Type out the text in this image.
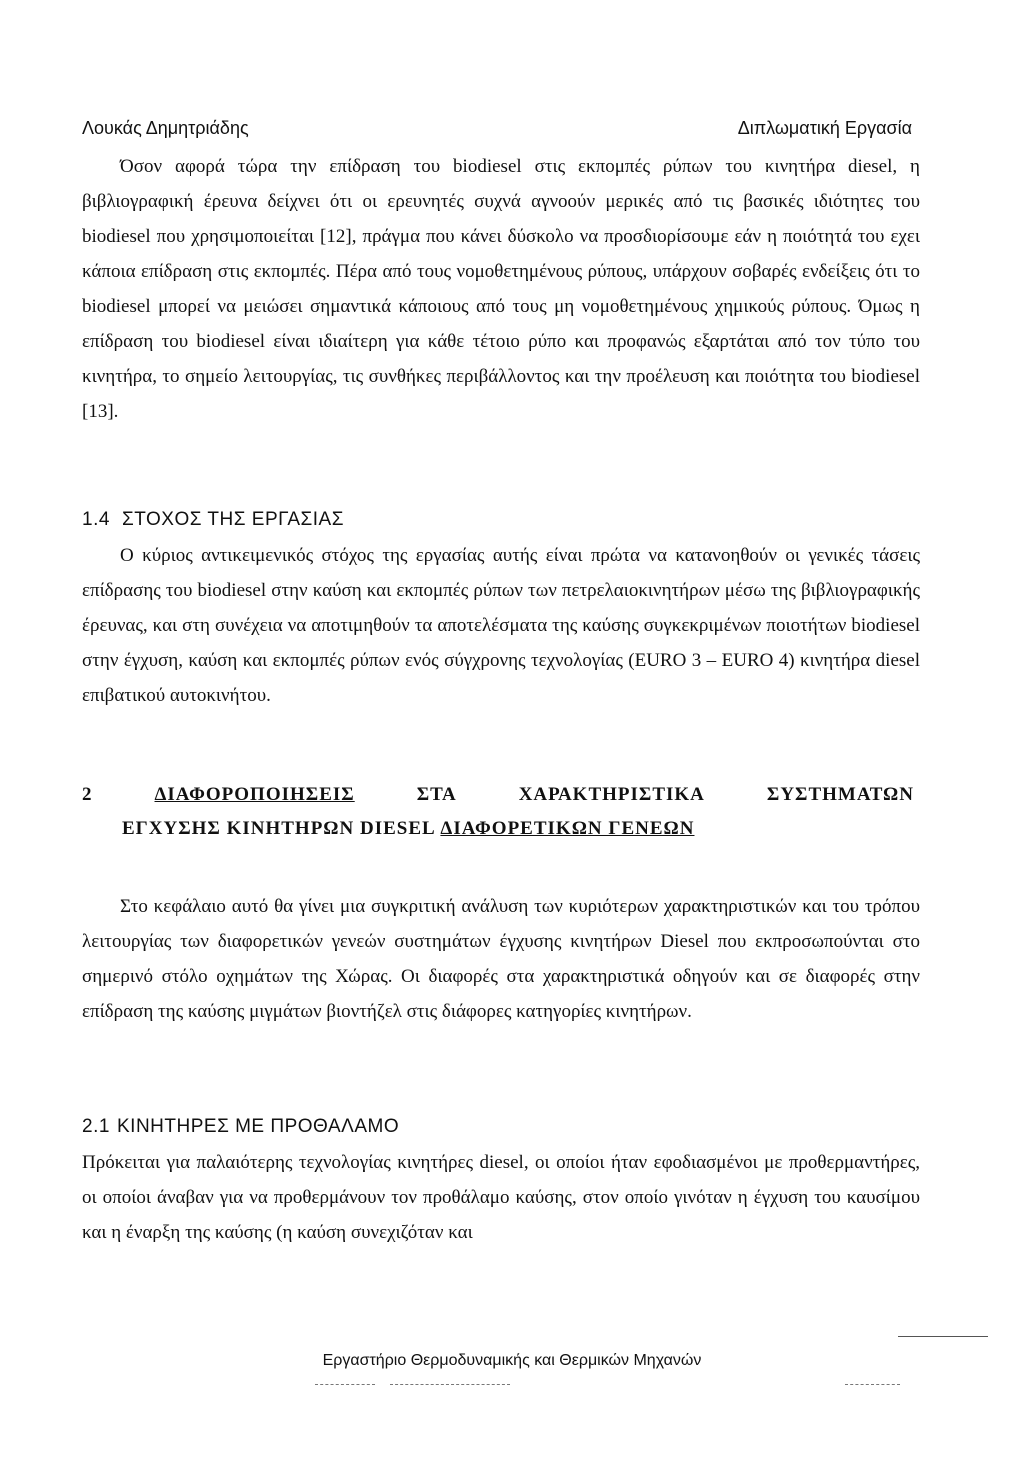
Λουκάς Δημητριάδης	Διπλωματική Εργασία

Όσον αφορά τώρα την επίδραση του biodiesel στις εκπομπές ρύπων του κινητήρα diesel, η βιβλιογραφική έρευνα δείχνει ότι οι ερευνητές συχνά αγνοούν μερικές από τις βασικές ιδιότητες του biodiesel που χρησιμοποιείται [12], πράγμα που κάνει δύσκολο να προσδιορίσουμε εάν η ποιότητά του εχει κάποια επίδραση στις εκπομπές. Πέρα από τους νομοθετημένους ρύπους, υπάρχουν σοβαρές ενδείξεις ότι το biodiesel μπορεί να μειώσει σημαντικά κάποιους από τους μη νομοθετημένους χημικούς ρύπους. Όμως η επίδραση του biodiesel είναι ιδιαίτερη για κάθε τέτοιο ρύπο και προφανώς εξαρτάται από τον τύπο του κινητήρα, το σημείο λειτουργίας, τις συνθήκες περιβάλλοντος και την προέλευση και ποιότητα του biodiesel [13].

1.4 ΣΤΟΧΟΣ ΤΗΣ ΕΡΓΑΣΙΑΣ

Ο κύριος αντικειμενικός στόχος της εργασίας αυτής είναι πρώτα να κατανοηθούν οι γενικές τάσεις επίδρασης του biodiesel στην καύση και εκπομπές ρύπων των πετρελαιοκινητήρων μέσω της βιβλιογραφικής έρευνας, και στη συνέχεια να αποτιμηθούν τα αποτελέσματα της καύσης συγκεκριμένων ποιοτήτων biodiesel στην έγχυση, καύση και εκπομπές ρύπων ενός σύγχρονης τεχνολογίας (EURO 3 – EURO 4) κινητήρα diesel επιβατικού αυτοκινήτου.

2	ΔΙΑΦΟΡΟΠΟΙΗΣΕΙΣ	ΣΤΑ	ΧΑΡΑΚΤΗΡΙΣΤΙΚΑ	ΣΥΣΤΗΜΑΤΩΝ
ΕΓΧΥΣΗΣ ΚΙΝΗΤΗΡΩΝ DIESEL ΔΙΑΦΟΡΕΤΙΚΩΝ ΓΕΝΕΩΝ

Στο κεφάλαιο αυτό θα γίνει μια συγκριτική ανάλυση των κυριότερων χαρακτηριστικών και του τρόπου λειτουργίας των διαφορετικών γενεών συστημάτων έγχυσης κινητήρων Diesel που εκπροσωπούνται στο σημερινό στόλο οχημάτων της Χώρας. Οι διαφορές στα χαρακτηριστικά οδηγούν και σε διαφορές στην επίδραση της καύσης μιγμάτων βιοντήζελ στις διάφορες κατηγορίες κινητήρων.

2.1 ΚΙΝΗΤΗΡΕΣ ΜΕ ΠΡΟΘΑΛΑΜΟ

Πρόκειται για παλαιότερης τεχνολογίας κινητήρες diesel, οι οποίοι ήταν εφοδιασμένοι με προθερμαντήρες, οι οποίοι άναβαν για να προθερμάνουν τον προθάλαμο καύσης, στον οποίο γινόταν η έγχυση του καυσίμου και η έναρξη της καύσης (η καύση συνεχιζόταν και

Εργαστήριο Θερμοδυναμικής και Θερμικών Μηχανών
